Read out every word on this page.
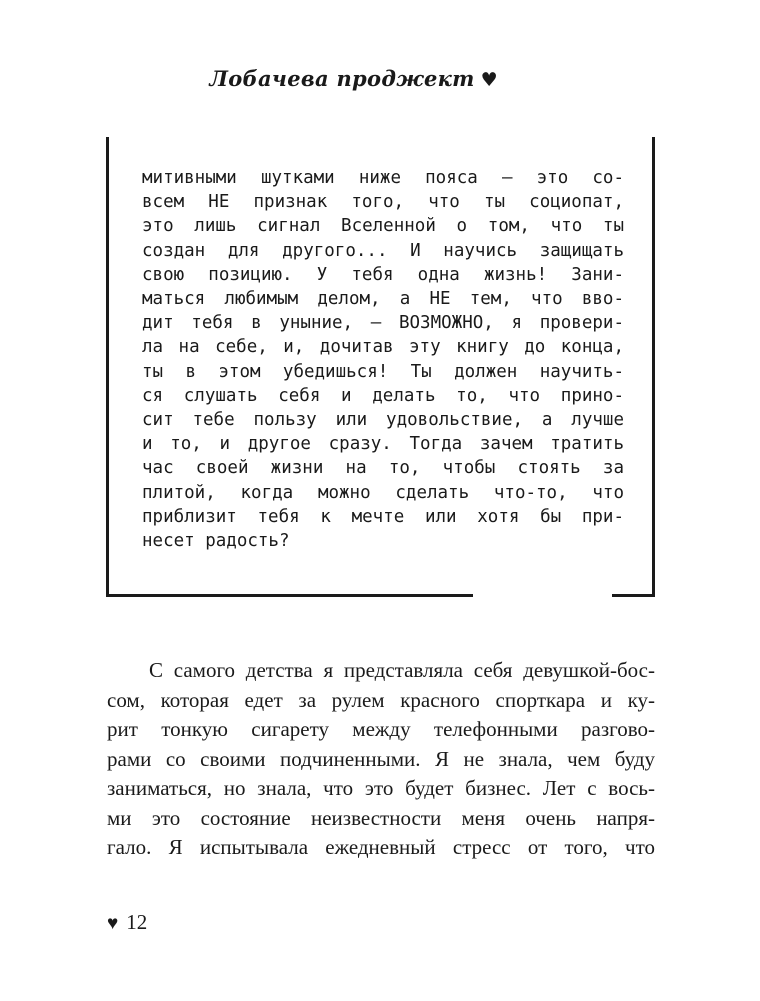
Лобачева проджект ♥
митивными шутками ниже пояса — это со-
всем НЕ признак того, что ты социопат,
это лишь сигнал Вселенной о том, что ты
создан для другого... И научись защищать
свою позицию. У тебя одна жизнь! Зани-
маться любимым делом, а НЕ тем, что вво-
дит тебя в уныние, — ВОЗМОЖНО, я провери-
ла на себе, и, дочитав эту книгу до конца,
ты в этом убедишься! Ты должен научить-
ся слушать себя и делать то, что прино-
сит тебе пользу или удовольствие, а лучше
и то, и другое сразу. Тогда зачем тратить
час своей жизни на то, чтобы стоять за
плитой, когда можно сделать что-то, что
приблизит тебя к мечте или хотя бы при-
несет радость?
С самого детства я представляла себя девушкой-бос-
сом, которая едет за рулем красного спорткара и ку-
рит тонкую сигарету между телефонными разгово-
рами со своими подчиненными. Я не знала, чем буду
заниматься, но знала, что это будет бизнес. Лет с вось-
ми это состояние неизвестности меня очень напря-
гало. Я испытывала ежедневный стресс от того, что
♥ 12
